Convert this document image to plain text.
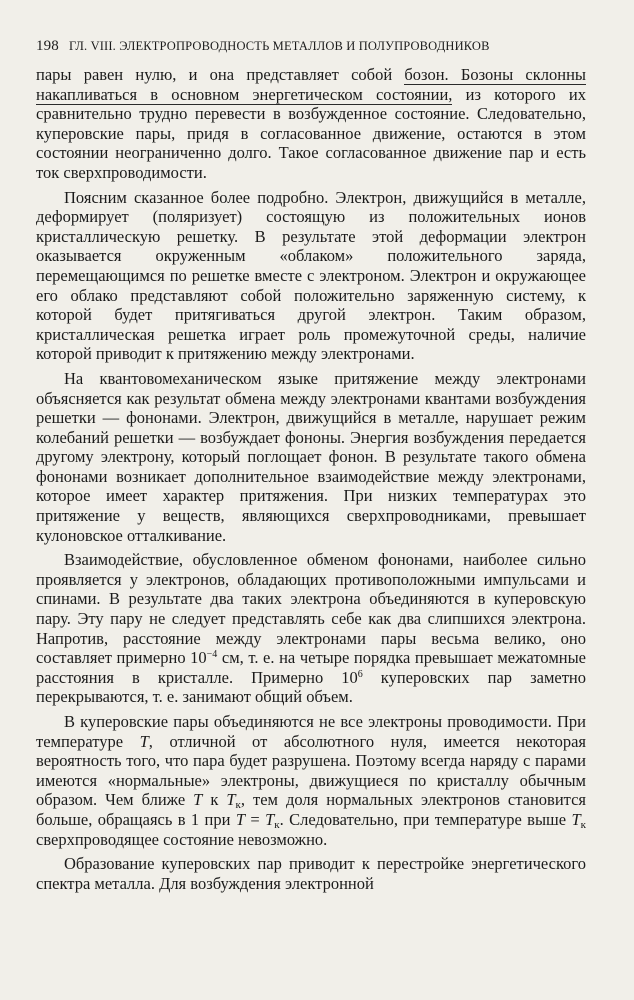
198 ГЛ. VIII. ЭЛЕКТРОПРОВОДНОСТЬ МЕТАЛЛОВ И ПОЛУПРОВОДНИКОВ

пары равен нулю, и она представляет собой бозон. Бозоны склонны накапливаться в основном энергетическом состоянии, из которого их сравнительно трудно перевести в возбужденное состояние. Следовательно, куперовские пары, придя в согласованное движение, остаются в этом состоянии неограниченно долго. Такое согласованное движение пар и есть ток сверхпроводимости.

Поясним сказанное более подробно. Электрон, движущийся в металле, деформирует (поляризует) состоящую из положительных ионов кристаллическую решетку. В результате этой деформации электрон оказывается окруженным «облаком» положительного заряда, перемещающимся по решетке вместе с электроном. Электрон и окружающее его облако представляют собой положительно заряженную систему, к которой будет притягиваться другой электрон. Таким образом, кристаллическая решетка играет роль промежуточной среды, наличие которой приводит к притяжению между электронами.

На квантовомеханическом языке притяжение между электронами объясняется как результат обмена между электронами квантами возбуждения решетки — фононами. Электрон, движущийся в металле, нарушает режим колебаний решетки — возбуждает фононы. Энергия возбуждения передается другому электрону, который поглощает фонон. В результате такого обмена фононами возникает дополнительное взаимодействие между электронами, которое имеет характер притяжения. При низких температурах это притяжение у веществ, являющихся сверхпроводниками, превышает кулоновское отталкивание.

Взаимодействие, обусловленное обменом фононами, наиболее сильно проявляется у электронов, обладающих противоположными импульсами и спинами. В результате два таких электрона объединяются в куперовскую пару. Эту пару не следует представлять себе как два слипшихся электрона. Напротив, расстояние между электронами пары весьма велико, оно составляет примерно $10^{-4}$ см, т. е. на четыре порядка превышает межатомные расстояния в кристалле. Примерно $10^6$ куперовских пар заметно перекрываются, т. е. занимают общий объем.

В куперовские пары объединяются не все электроны проводимости. При температуре T, отличной от абсолютного нуля, имеется некоторая вероятность того, что пара будет разрушена. Поэтому всегда наряду с парами имеются «нормальные» электроны, движущиеся по кристаллу обычным образом. Чем ближе T к $T_к$, тем доля нормальных электронов становится больше, обращаясь в 1 при $T = T_к$. Следовательно, при температуре выше $T_к$ сверхпроводящее состояние невозможно.

Образование куперовских пар приводит к перестройке энергетического спектра металла. Для возбуждения электронной
